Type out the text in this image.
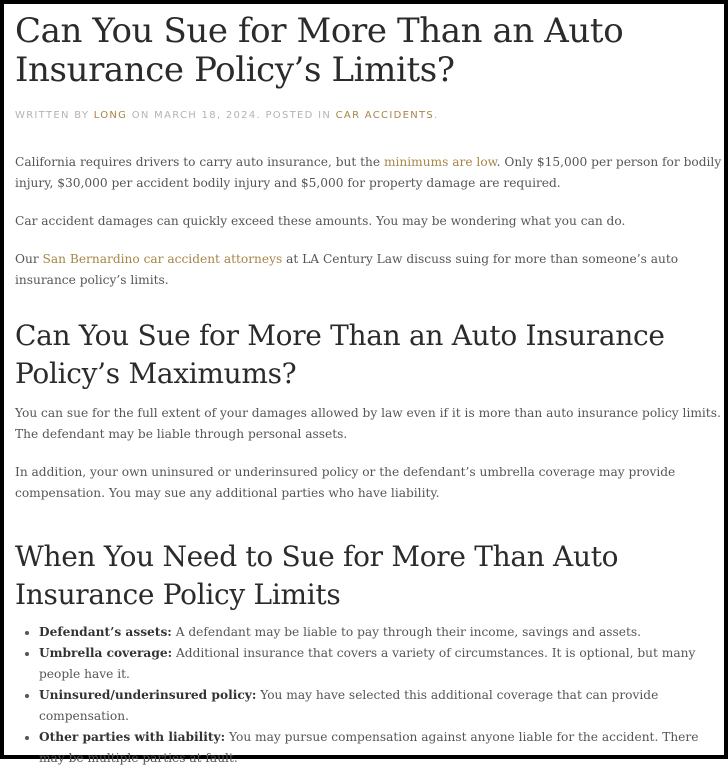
Can You Sue for More Than an Auto Insurance Policy’s Limits?
WRITTEN BY LONG ON MARCH 18, 2024. POSTED IN CAR ACCIDENTS.

California requires drivers to carry auto insurance, but the minimums are low. Only $15,000 per person for bodily injury, $30,000 per accident bodily injury and $5,000 for property damage are required.

Car accident damages can quickly exceed these amounts. You may be wondering what you can do.

Our San Bernardino car accident attorneys at LA Century Law discuss suing for more than someone’s auto insurance policy’s limits.

Can You Sue for More Than an Auto Insurance Policy’s Maximums?

You can sue for the full extent of your damages allowed by law even if it is more than auto insurance policy limits. The defendant may be liable through personal assets.

In addition, your own uninsured or underinsured policy or the defendant’s umbrella coverage may provide compensation. You may sue any additional parties who have liability.

When You Need to Sue for More Than Auto Insurance Policy Limits
• Defendant’s assets: A defendant may be liable to pay through their income, savings and assets.
• Umbrella coverage: Additional insurance that covers a variety of circumstances. It is optional, but many people have it.
• Uninsured/underinsured policy: You may have selected this additional coverage that can provide compensation.
• Other parties with liability: You may pursue compensation against anyone liable for the accident. There may be multiple parties at fault.
